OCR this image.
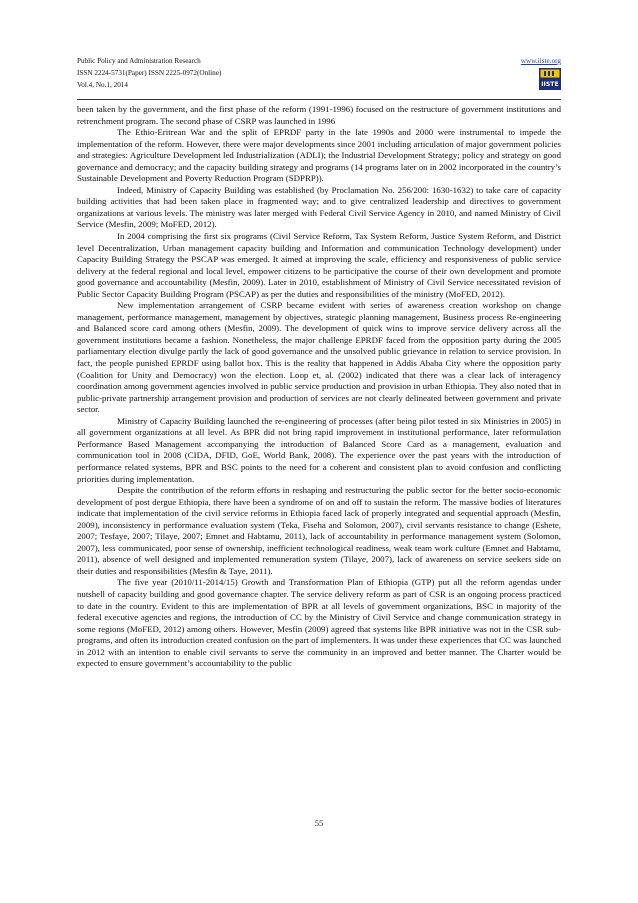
Public Policy and Administration Research
ISSN 2224-5731(Paper) ISSN 2225-0972(Online)
Vol.4, No.1, 2014
www.iiste.org
IISTE

been taken by the government, and the first phase of the reform (1991-1996) focused on the restructure of government institutions and retrenchment program. The second phase of CSRP was launched in 1996

The Ethio-Eritrean War and the split of EPRDF party in the late 1990s and 2000 were instrumental to impede the implementation of the reform. However, there were major developments since 2001 including articulation of major government policies and strategies: Agriculture Development led Industrialization (ADLI); the Industrial Development Strategy; policy and strategy on good governance and democracy; and the capacity building strategy and programs (14 programs later on in 2002 incorporated in the country’s Sustainable Development and Poverty Reduction Program (SDPRP)).

Indeed, Ministry of Capacity Building was established (by Proclamation No. 256/200: 1630-1632) to take care of capacity building activities that had been taken place in fragmented way; and to give centralized leadership and directives to government organizations at various levels. The ministry was later merged with Federal Civil Service Agency in 2010, and named Ministry of Civil Service (Mesfin, 2009; MoFED, 2012).

In 2004 comprising the first six programs (Civil Service Reform, Tax System Reform, Justice System Reform, and District level Decentralization, Urban management capacity building and Information and communication Technology development) under Capacity Building Strategy the PSCAP was emerged. It aimed at improving the scale, efficiency and responsiveness of public service delivery at the federal regional and local level, empower citizens to be participative the course of their own development and promote good governance and accountability (Mesfin, 2009). Later in 2010, establishment of Ministry of Civil Service necessitated revision of Public Sector Capacity Building Program (PSCAP) as per the duties and responsibilities of the ministry (MoFED, 2012).

New implementation arrangement of CSRP became evident with series of awareness creation workshop on change management, performance management, management by objectives, strategic planning management, Business process Re-engineering and Balanced score card among others (Mesfin, 2009). The development of quick wins to improve service delivery across all the government institutions became a fashion. Nonetheless, the major challenge EPRDF faced from the opposition party during the 2005 parliamentary election divulge partly the lack of good governance and the unsolved public grievance in relation to service provision. In fact, the people punished EPRDF using ballot box. This is the reality that happened in Addis Ababa City where the opposition party (Coalition for Unity and Democracy) won the election. Loop et, al. (2002) indicated that there was a clear lack of interagency coordination among government agencies involved in public service production and provision in urban Ethiopia. They also noted that in public-private partnership arrangement provision and production of services are not clearly delineated between government and private sector.

Ministry of Capacity Building launched the re-engineering of processes (after being pilot tested in six Ministries in 2005) in all government organizations at all level. As BPR did not bring rapid improvement in institutional performance, later reformulation Performance Based Management accompanying the introduction of Balanced Score Card as a management, evaluation and communication tool in 2008 (CIDA, DFID, GoE, World Bank, 2008). The experience over the past years with the introduction of performance related systems, BPR and BSC points to the need for a coherent and consistent plan to avoid confusion and conflicting priorities during implementation.

Despite the contribution of the reform efforts in reshaping and restructuring the public sector for the better socio-economic development of post dergue Ethiopia, there have been a syndrome of on and off to sustain the reform. The massive bodies of literatures indicate that implementation of the civil service reforms in Ethiopia faced lack of properly integrated and sequential approach (Mesfin, 2009), inconsistency in performance evaluation system (Teka, Fiseha and Solomon, 2007), civil servants resistance to change (Eshete, 2007; Tesfaye, 2007; Tilaye, 2007; Emnet and Habtamu, 2011), lack of accountability in performance management system (Solomon, 2007), less communicated, poor sense of ownership, inefficient technological readiness, weak team work culture (Emnet and Habtamu, 2011), absence of well designed and implemented remuneration system (Tilaye, 2007), lack of awareness on service seekers side on their duties and responsibilities (Mesfin & Taye, 2011).

The five year (2010/11-2014/15) Growth and Transformation Plan of Ethiopia (GTP) put all the reform agendas under nutshell of capacity building and good governance chapter. The service delivery reform as part of CSR is an ongoing process practiced to date in the country. Evident to this are implementation of BPR at all levels of government organizations, BSC in majority of the federal executive agencies and regions, the introduction of CC by the Ministry of Civil Service and change communication strategy in some regions (MoFED, 2012) among others. However, Mesfin (2009) agreed that systems like BPR initiative was not in the CSR sub-programs, and often its introduction created confusion on the part of implementers. It was under these experiences that CC was launched in 2012 with an intention to enable civil servants to serve the community in an improved and better manner. The Charter would be expected to ensure government’s accountability to the public

55
